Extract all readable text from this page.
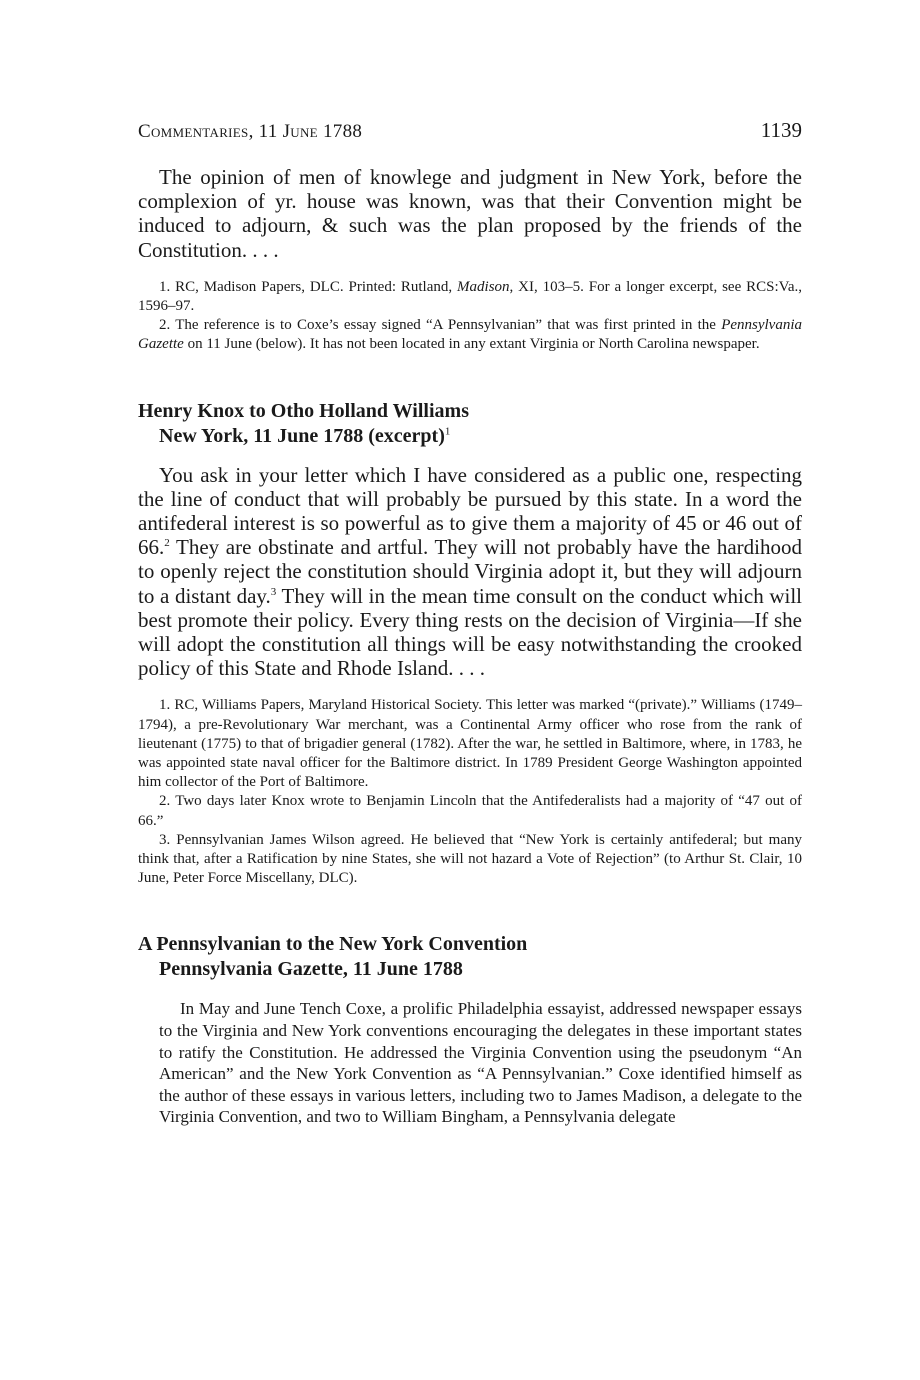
Commentaries, 11 June 1788	1139

The opinion of men of knowlege and judgment in New York, before the complexion of yr. house was known, was that their Convention might be induced to adjourn, & such was the plan proposed by the friends of the Constitution. . . .

1. RC, Madison Papers, DLC. Printed: Rutland, Madison, XI, 103–5. For a longer excerpt, see RCS:Va., 1596–97.

2. The reference is to Coxe’s essay signed “A Pennsylvanian” that was first printed in the Pennsylvania Gazette on 11 June (below). It has not been located in any extant Virginia or North Carolina newspaper.

Henry Knox to Otho Holland Williams
New York, 11 June 1788 (excerpt)$^1$

You ask in your letter which I have considered as a public one, respecting the line of conduct that will probably be pursued by this state. In a word the antifederal interest is so powerful as to give them a majority of 45 or 46 out of 66.$^2$ They are obstinate and artful. They will not probably have the hardihood to openly reject the constitution should Virginia adopt it, but they will adjourn to a distant day.$^3$ They will in the mean time consult on the conduct which will best promote their policy. Every thing rests on the decision of Virginia—If she will adopt the constitution all things will be easy notwithstanding the crooked policy of this State and Rhode Island. . . .

1. RC, Williams Papers, Maryland Historical Society. This letter was marked “(private).” Williams (1749–1794), a pre-Revolutionary War merchant, was a Continental Army officer who rose from the rank of lieutenant (1775) to that of brigadier general (1782). After the war, he settled in Baltimore, where, in 1783, he was appointed state naval officer for the Baltimore district. In 1789 President George Washington appointed him collector of the Port of Baltimore.

2. Two days later Knox wrote to Benjamin Lincoln that the Antifederalists had a majority of “47 out of 66.”

3. Pennsylvanian James Wilson agreed. He believed that “New York is certainly antifederal; but many think that, after a Ratification by nine States, she will not hazard a Vote of Rejection” (to Arthur St. Clair, 10 June, Peter Force Miscellany, DLC).

A Pennsylvanian to the New York Convention
Pennsylvania Gazette, 11 June 1788

In May and June Tench Coxe, a prolific Philadelphia essayist, addressed newspaper essays to the Virginia and New York conventions encouraging the delegates in these important states to ratify the Constitution. He addressed the Virginia Convention using the pseudonym “An American” and the New York Convention as “A Pennsylvanian.” Coxe identified himself as the author of these essays in various letters, including two to James Madison, a delegate to the Virginia Convention, and two to William Bingham, a Pennsylvania delegate
